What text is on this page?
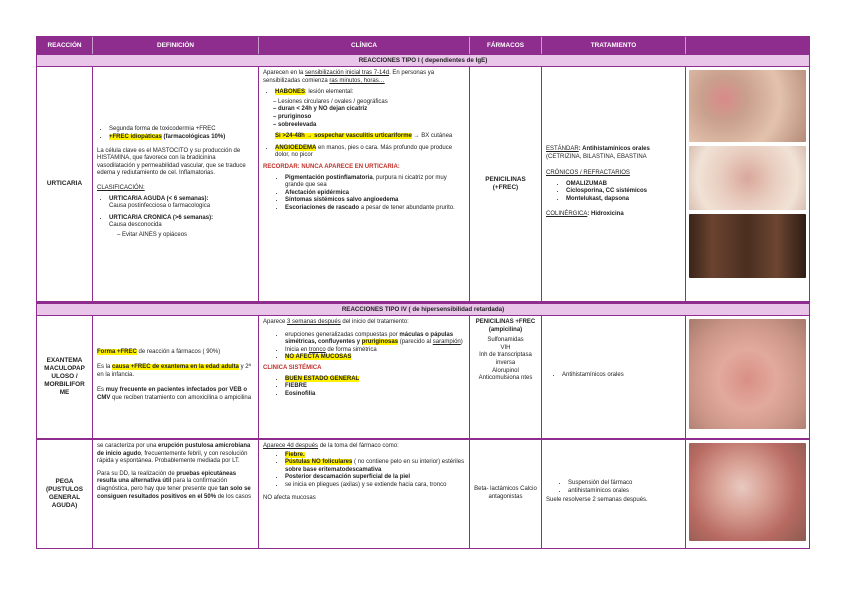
REACCIÓN	DEFINICIÓN	CLÍNICA	FÁRMACOS	TRATAMIENTO
REACCIONES TIPO I ( dependientes de IgE)
URTICARIA
• Segunda forma de toxicodermia +FREC
• +FREC idiopáticas (farmacológicas 10%)

La célula clave es el MASTOCITO y su producción de HISTAMINA, que favorece con la bradicinina vasodilatación y permeabilidad vascular, que se traduce edema y rediutamiento de cel. Inflamatorias.

CLASIFICACIÓN:

• URTICARIA AGUDA (< 6 semanas):
Causa postinfecciosa o farmacologica
• URTICARIA CRONICA (>6 semanas):
Causa desconocida
– Evitar AINES y opiáceos

Aparecen en la sensibilización inicial tras 7-14d. En personas ya sensibilizadas comienza ras minutos, horas…

• HABONES: lesión elemental:
– Lesiones circulares / ovales / geográficas
– duran < 24h y NO dejan cicatriz
– pruriginoso
– sobreelevada

Si >24-48h → sospechar vasculitis urticariforme → BX cutánea

• ANGIOEDEMA en manos, pies o cara. Más profundo que produce dolor, no picor

RECORDAR: NUNCA APARECE EN URTICARIA:

• Pigmentación postinflamatoria, purpura ni cicatriz por muy grande que sea
• Afectación epidérmica
• Síntomas sistémicos salvo angioedema
• Escoriaciones de rascado a pesar de tener abundante prurito.
PENICILINAS (+FREC)

ESTÁNDAR: Antihistamínicos orales (CETRIZINA, BILASTINA, EBASTINA

CRÓNICOS / REFRACTARIOS

• OMALIZUMAB
• Ciclosporina, CC sistémicos
• Montelukast, dapsona

COLINÉRGICA: Hidroxicina

REACCIONES TIPO IV ( de hipersensibilidad retardada)
EXANTEMA MACULOPAP ULOSO / MORBILIFOR ME

Forma +FREC de reacción a fármacos ( 90%)

Es la causa +FREC de exantema en la edad adulta y 2ª en la infancia.

Es muy frecuente en pacientes infectados por VEB o CMV que reciben tratamiento con amoxicilina o ampicilina

Aparece 3 semanas después del inicio del tratamiento:

• erupciones generalizadas compuestas por máculas o pápulas simétricas, confluyentes y pruriginosas (parecido al sarampión)
• Inicia en tronco de forma simétrica
• NO AFECTA MUCOSAS

CLINICA SISTÉMICA

• BUEN ESTADO GENERAL
• FIEBRE
• Eosinofilia

PENICILINAS +FREC (ampicilina)

Sulfonamidas

VIH

Inh de transcriptasa inversa

Alorupinol

Anticomulsiona ntes

•	Antihistamínicos orales
PEGA (PUSTULOS GENERAL AGUDA)

se caracteriza por una erupción pustulosa amicrobiana de inicio agudo, frecuentemente febril, y con resolución rápida y espontánea. Probablemente mediada por LT.

Para su DD, la realización de pruebas epicutáneas resulta una alternativa útil para la confirmación diagnóstica, pero hay que tener presente que tan solo se consiguen resultados positivos en el 50% de los casos

Aparece 4d después de la toma del fármaco como:

• Fiebre.
• Pústulas NO foliculares ( no contiene pelo en su interior) estériles sobre base eritematodescamativa
• Posterior descamación superficial de la piel
• se inicia en pliegues (axilas) y se extiende hacia cara, tronco

NO afecta mucosas

Beta- lactámicos Calcio antagonistas
• Suspensión del fármaco
• antihistamínicos orales

Suele resolverse 2 semanas después.
